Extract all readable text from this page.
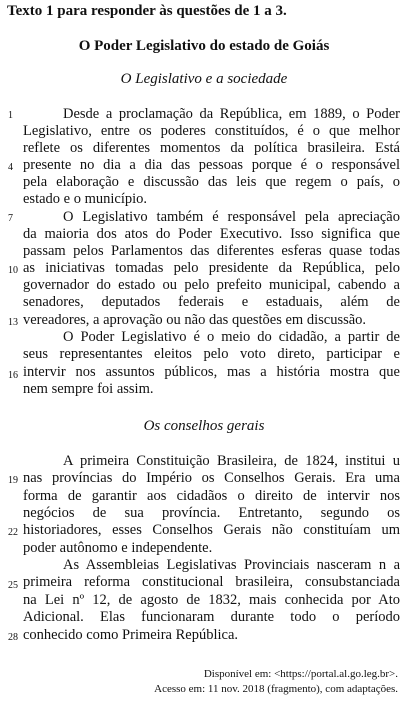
Texto 1 para responder às questões de 1 a 3.
O Poder Legislativo do estado de Goiás
O Legislativo e a sociedade
1
4
7
10
13
16
Desde a proclamação da República, em 1889, o Poder
Legislativo, entre os poderes constituídos, é o que melhor
reflete os diferentes momentos da política brasileira. Está
presente no dia a dia das pessoas porque é o responsável
pela elaboração e discussão das leis que regem o país, o
estado e o município.
O Legislativo também é responsável pela apreciação
da maioria dos atos do Poder Executivo. Isso significa que
passam pelos Parlamentos das diferentes esferas quase todas
as iniciativas tomadas pelo presidente da República, pelo
governador do estado ou pelo prefeito municipal, cabendo a
senadores, deputados federais e estaduais, além de
vereadores, a aprovação ou não das questões em discussão.
O Poder Legislativo é o meio do cidadão, a partir de
seus representantes eleitos pelo voto direto, participar e
intervir nos assuntos públicos, mas a história mostra que
nem sempre foi assim.
Os conselhos gerais
19
22
25
28
A primeira Constituição Brasileira, de 1824, institui u
nas províncias do Império os Conselhos Gerais. Era uma
forma de garantir aos cidadãos o direito de intervir nos
negócios de sua província. Entretanto, segundo os
historiadores, esses Conselhos Gerais não constituíam um
poder autônomo e independente.
As Assembleias Legislativas Provinciais nasceram n a
primeira reforma constitucional brasileira, consubstanciada
na Lei nº 12, de agosto de 1832, mais conhecida por Ato
Adicional. Elas funcionaram durante todo o período
conhecido como Primeira República.
Disponível em: <https://portal.al.go.leg.br>.
Acesso em: 11 nov. 2018 (fragmento), com adaptações.
